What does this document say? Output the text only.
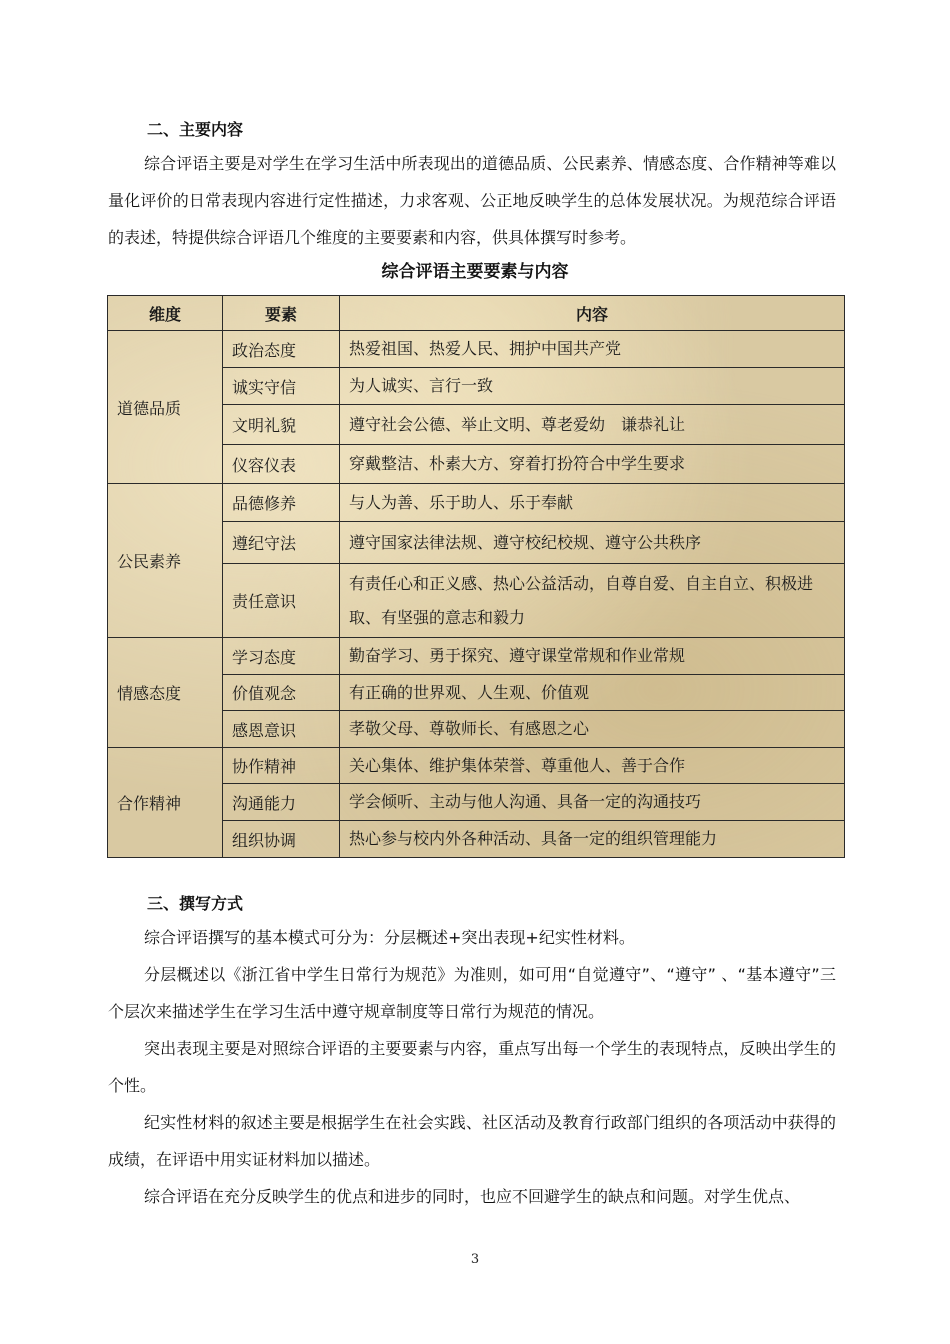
二、主要内容

综合评语主要是对学生在学习生活中所表现出的道德品质、公民素养、情感态度、合作精神等难以量化评价的日常表现内容进行定性描述，力求客观、公正地反映学生的总体发展状况。为规范综合评语的表述，特提供综合评语几个维度的主要要素和内容，供具体撰写时参考。

综合评语主要要素与内容
维度	要素	内容
道德品质	政治态度	热爱祖国、热爱人民、拥护中国共产党
	诚实守信	为人诚实、言行一致
	文明礼貌	遵守社会公德、举止文明、尊老爱幼　谦恭礼让
	仪容仪表	穿戴整洁、朴素大方、穿着打扮符合中学生要求
公民素养	品德修养	与人为善、乐于助人、乐于奉献
	遵纪守法	遵守国家法律法规、遵守校纪校规、遵守公共秩序
	责任意识	有责任心和正义感、热心公益活动，自尊自爱、自主自立、积极进取、有坚强的意志和毅力
情感态度	学习态度	勤奋学习、勇于探究、遵守课堂常规和作业常规
	价值观念	有正确的世界观、人生观、价值观
	感恩意识	孝敬父母、尊敬师长、有感恩之心
合作精神	协作精神	关心集体、维护集体荣誉、尊重他人、善于合作
	沟通能力	学会倾听、主动与他人沟通、具备一定的沟通技巧
	组织协调	热心参与校内外各种活动、具备一定的组织管理能力
三、撰写方式

综合评语撰写的基本模式可分为：分层概述+突出表现+纪实性材料。

分层概述以《浙江省中学生日常行为规范》为准则，如可用“自觉遵守”、“遵守” 、“基本遵守”三个层次来描述学生在学习生活中遵守规章制度等日常行为规范的情况。

突出表现主要是对照综合评语的主要要素与内容，重点写出每一个学生的表现特点，反映出学生的个性。

纪实性材料的叙述主要是根据学生在社会实践、社区活动及教育行政部门组织的各项活动中获得的成绩，在评语中用实证材料加以描述。

综合评语在充分反映学生的优点和进步的同时，也应不回避学生的缺点和问题。对学生优点、

3
